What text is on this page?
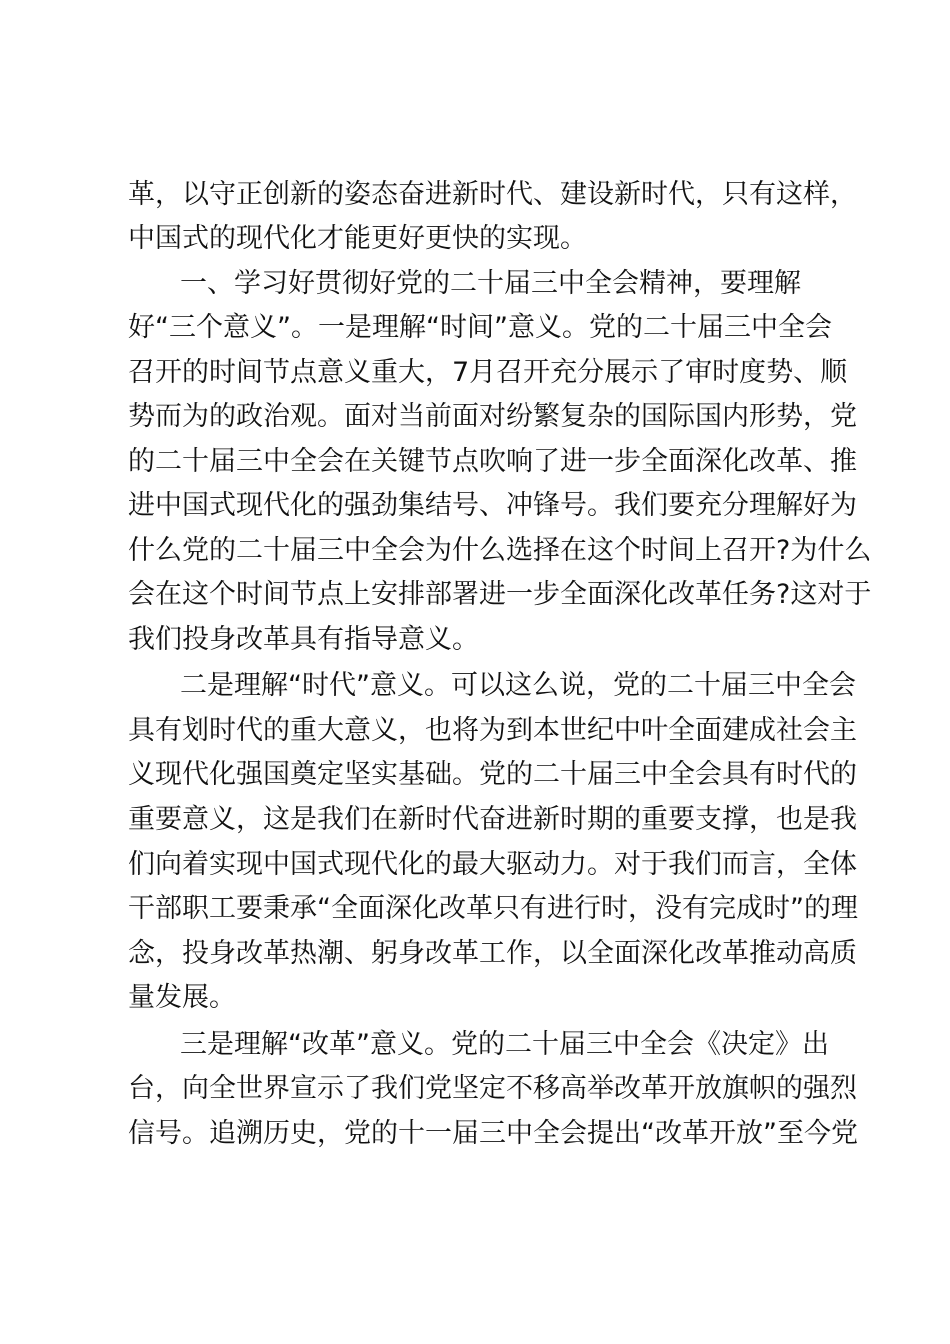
革，以守正创新的姿态奋进新时代、建设新时代，只有这样，
中国式的现代化才能更好更快的实现。
一、学习好贯彻好党的二十届三中全会精神，要理解
好“三个意义”。一是理解“时间”意义。党的二十届三中全会
召开的时间节点意义重大，7月召开充分展示了审时度势、顺
势而为的政治观。面对当前面对纷繁复杂的国际国内形势，党
的二十届三中全会在关键节点吹响了进一步全面深化改革、推
进中国式现代化的强劲集结号、冲锋号。我们要充分理解好为
什么党的二十届三中全会为什么选择在这个时间上召开?为什么
会在这个时间节点上安排部署进一步全面深化改革任务?这对于
我们投身改革具有指导意义。
二是理解“时代”意义。可以这么说，党的二十届三中全会
具有划时代的重大意义，也将为到本世纪中叶全面建成社会主
义现代化强国奠定坚实基础。党的二十届三中全会具有时代的
重要意义，这是我们在新时代奋进新时期的重要支撑，也是我
们向着实现中国式现代化的最大驱动力。对于我们而言，全体
干部职工要秉承“全面深化改革只有进行时，没有完成时”的理
念，投身改革热潮、躬身改革工作，以全面深化改革推动高质
量发展。
三是理解“改革”意义。党的二十届三中全会《决定》出
台，向全世界宣示了我们党坚定不移高举改革开放旗帜的强烈
信号。追溯历史，党的十一届三中全会提出“改革开放”至今党
